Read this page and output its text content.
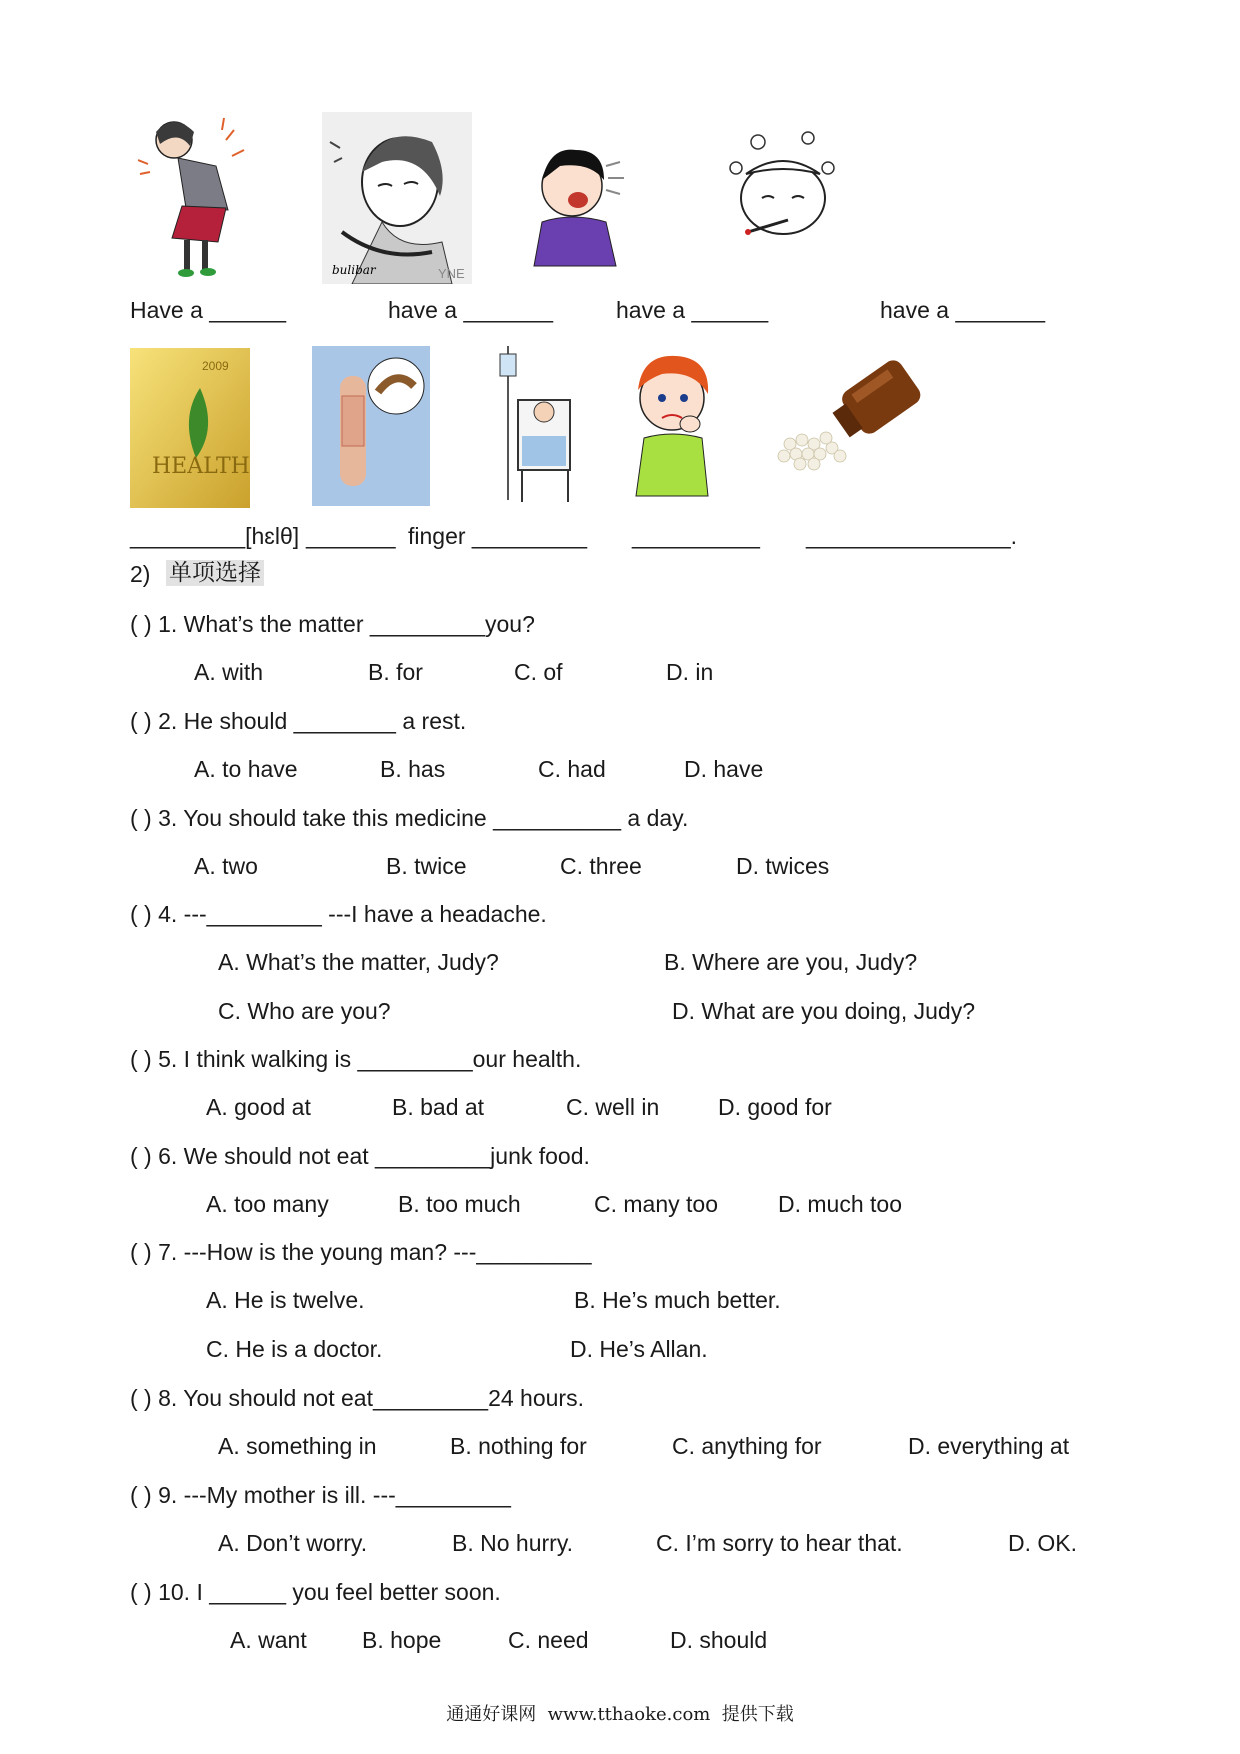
bulibar	YNE
Have a ______	have a _______	have a ______	have a _______
2009
HEALTH
_________[hɛlθ] _______ finger _________ __________ ________________.
2) 单项选择
( ) 1. What’s the matter _________you?
A. with	B. for	C. of	D. in
( ) 2. He should ________ a rest.
A. to have	B. has	C. had	D. have
( ) 3. You should take this medicine __________ a day.
A. two	B. twice	C. three	D. twices
( ) 4. ---_________ ---I have a headache.
A. What’s the matter, Judy?	B. Where are you, Judy?
C. Who are you?	D. What are you doing, Judy?
( ) 5. I think walking is _________our health.
A. good at	B. bad at	C. well in	D. good for
( ) 6. We should not eat _________junk food.
A. too many	B. too much	C. many too	D. much too
( ) 7. ---How is the young man? ---_________
A. He is twelve.	B. He’s much better.
C. He is a doctor.	D. He’s Allan.
( ) 8. You should not eat_________24 hours.
A. something in	B. nothing for	C. anything for	D. everything at
( ) 9. ---My mother is ill. ---_________
A. Don’t worry.	B. No hurry.	C. I’m sorry to hear that.	D. OK.
( ) 10. I ______ you feel better soon.
A. want B. hope	C. need	D. should
通通好课网  www.tthaoke.com  提供下载
